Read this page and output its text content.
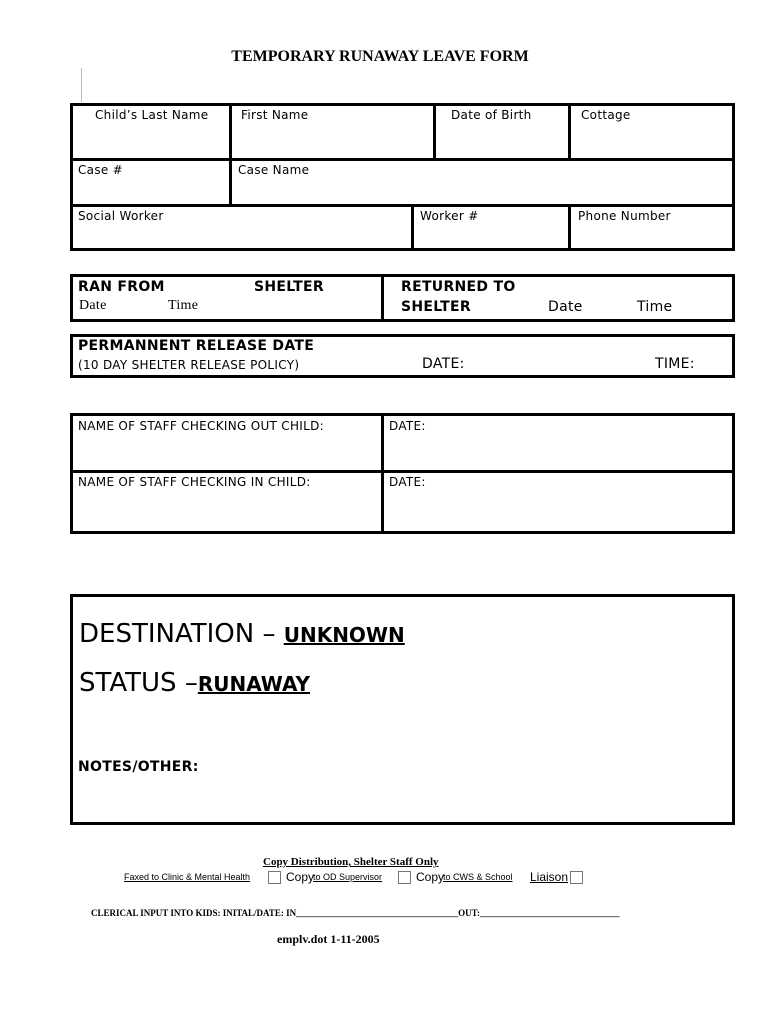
TEMPORARY RUNAWAY LEAVE FORM
Child’s Last Name	First Name	Date of Birth	Cottage
Case #	Case Name
Social Worker	Worker #	Phone Number
RAN FROM	SHELTER
Date	Time
RETURNED TO
SHELTER	Date	Time
PERMANNENT RELEASE DATE
(10 DAY SHELTER RELEASE POLICY)	DATE:	TIME:
NAME OF STAFF CHECKING OUT CHILD:	DATE:
NAME OF STAFF CHECKING IN CHILD:	DATE:
DESTINATION – UNKNOWN
STATUS –RUNAWAY
NOTES/OTHER:
Copy Distribution, Shelter Staff Only
Faxed to Clinic & Mental Health	Copy
to OD Supervisor	Copy
to CWS & School Liaison
CLERICAL INPUT INTO KIDS: INITAL/DATE: IN____________________________________OUT:_______________________________
emplv.dot 1-11-2005
